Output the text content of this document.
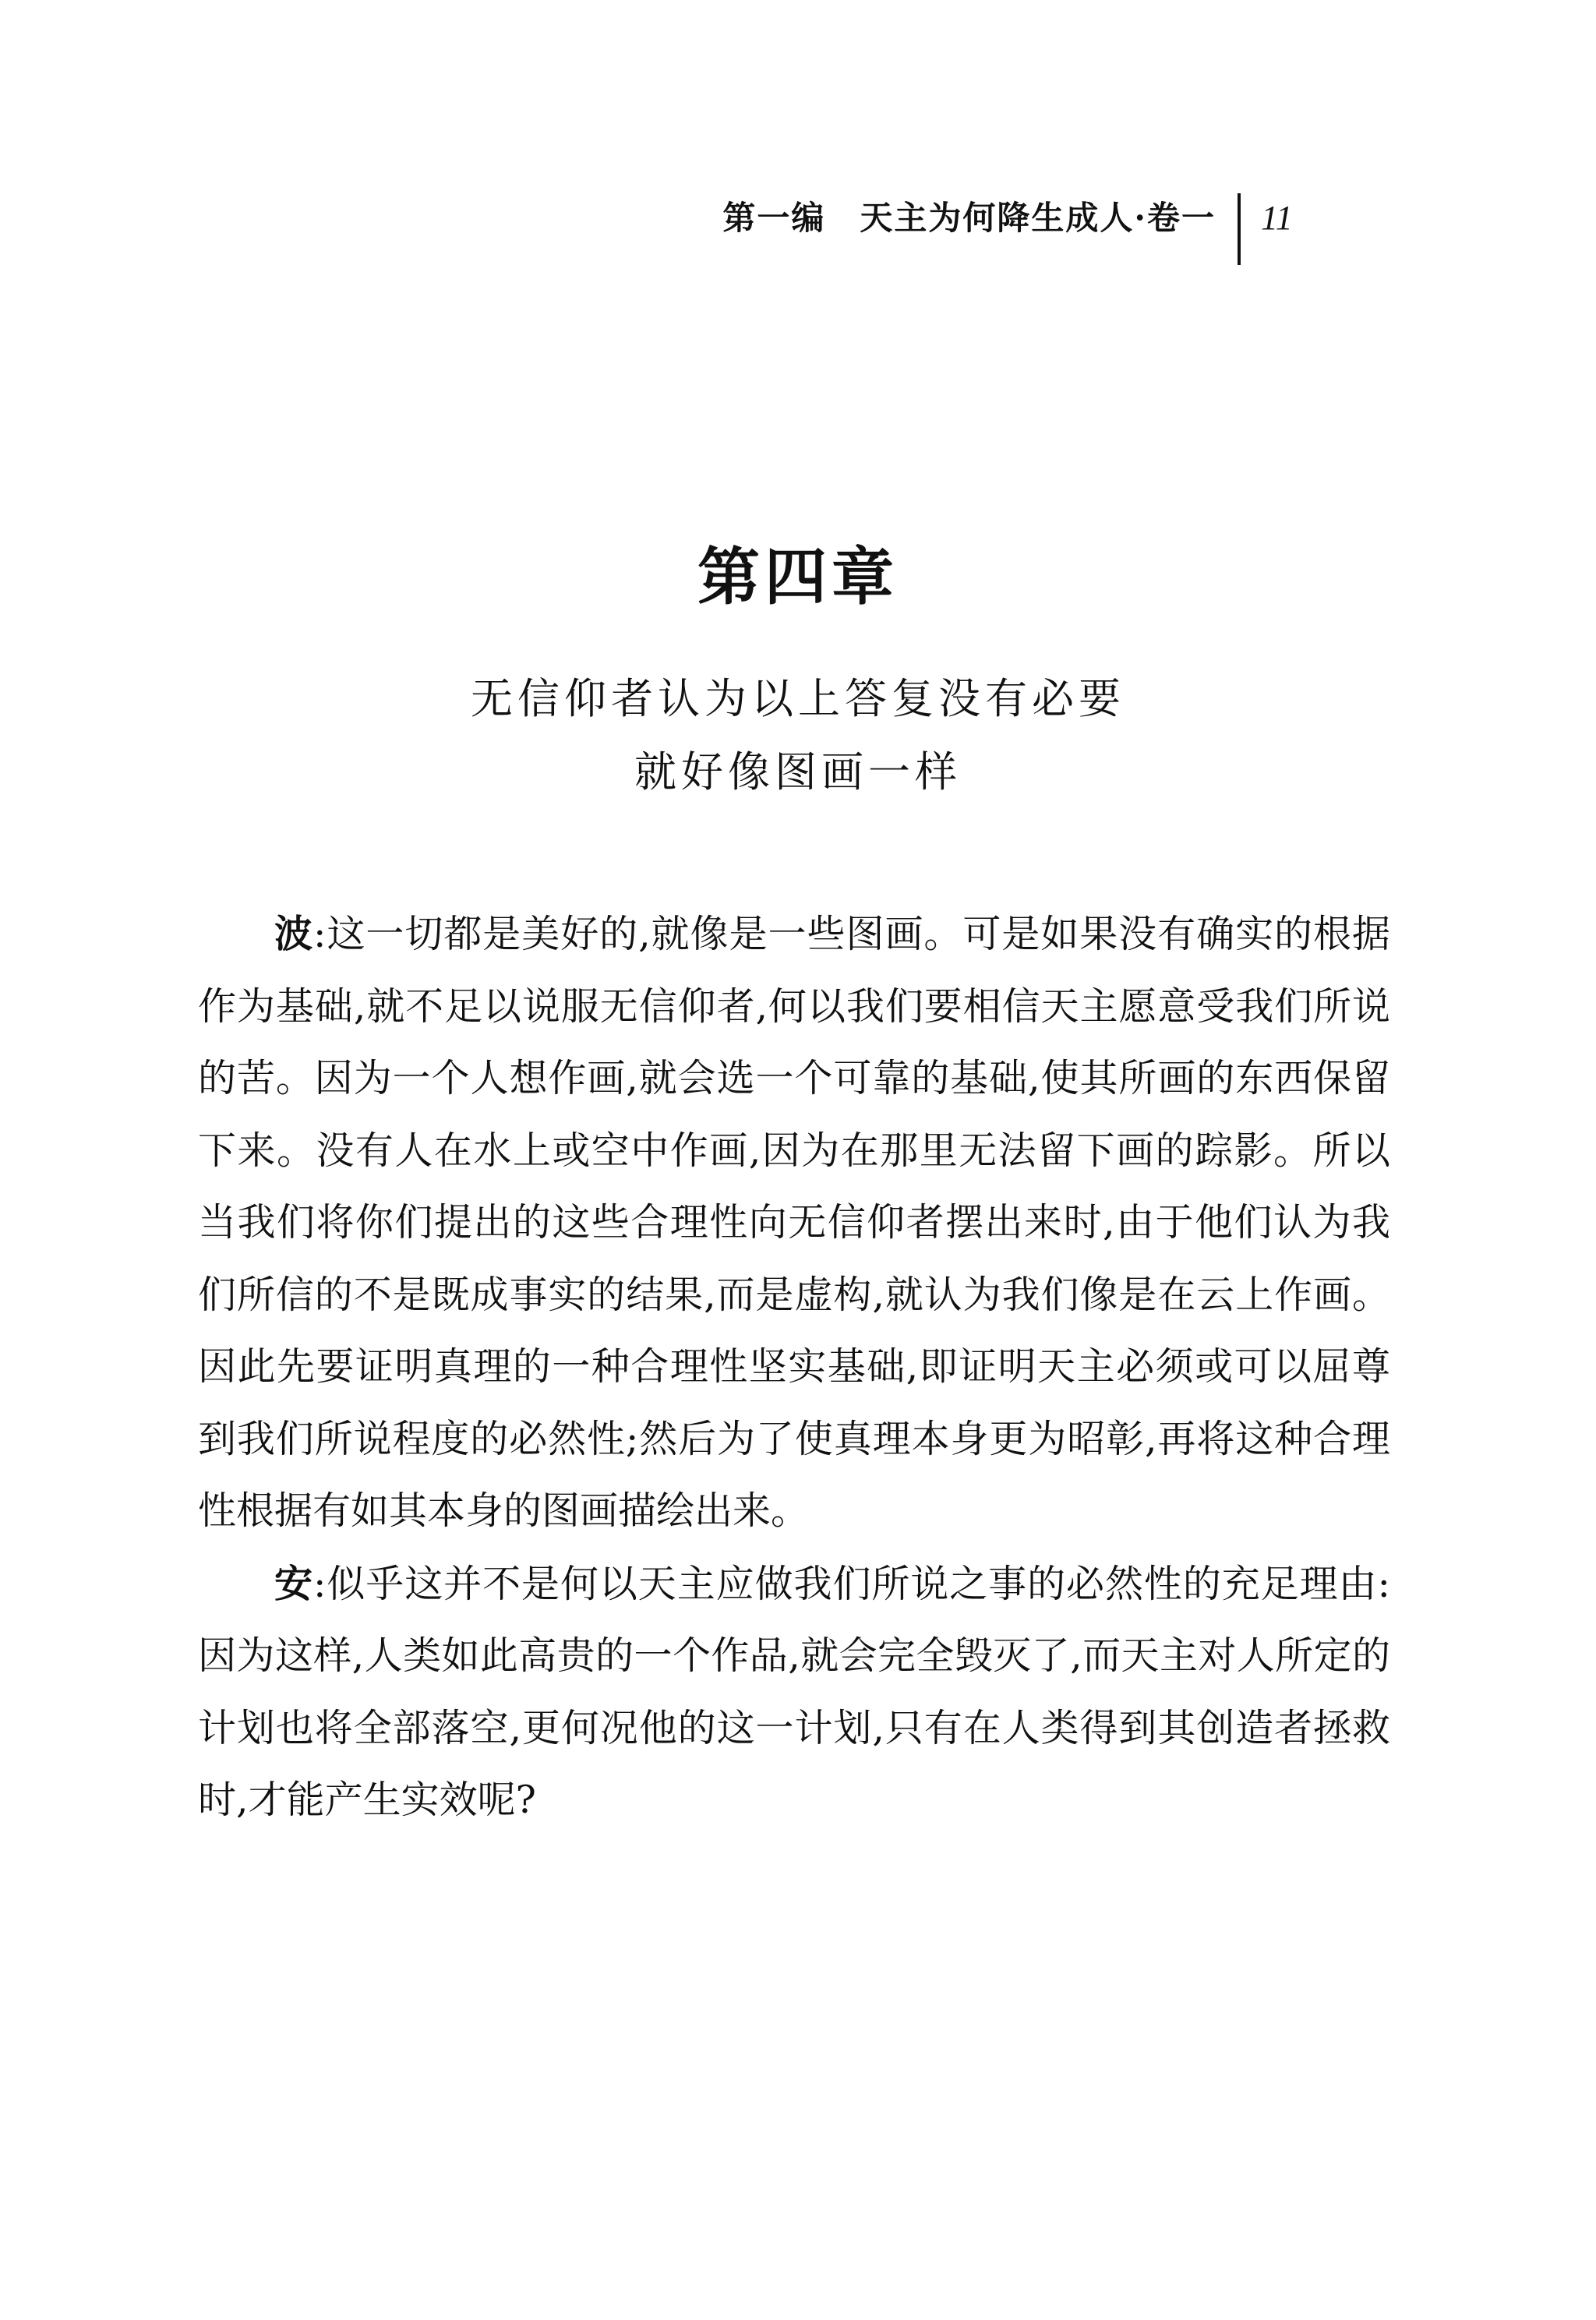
第一编　天主为何降生成人·卷一	11
第四章
无信仰者认为以上答复没有必要
就好像图画一样

波:这一切都是美好的,就像是一些图画。可是如果没有确实的根据作为基础,就不足以说服无信仰者,何以我们要相信天主愿意受我们所说的苦。因为一个人想作画,就会选一个可靠的基础,使其所画的东西保留下来。没有人在水上或空中作画,因为在那里无法留下画的踪影。所以当我们将你们提出的这些合理性向无信仰者摆出来时,由于他们认为我们所信的不是既成事实的结果,而是虚构,就认为我们像是在云上作画。因此先要证明真理的一种合理性坚实基础,即证明天主必须或可以屈尊到我们所说程度的必然性;然后为了使真理本身更为昭彰,再将这种合理性根据有如其本身的图画描绘出来。

安:似乎这并不是何以天主应做我们所说之事的必然性的充足理由:因为这样,人类如此高贵的一个作品,就会完全毁灭了,而天主对人所定的计划也将全部落空,更何况他的这一计划,只有在人类得到其创造者拯救时,才能产生实效呢?
